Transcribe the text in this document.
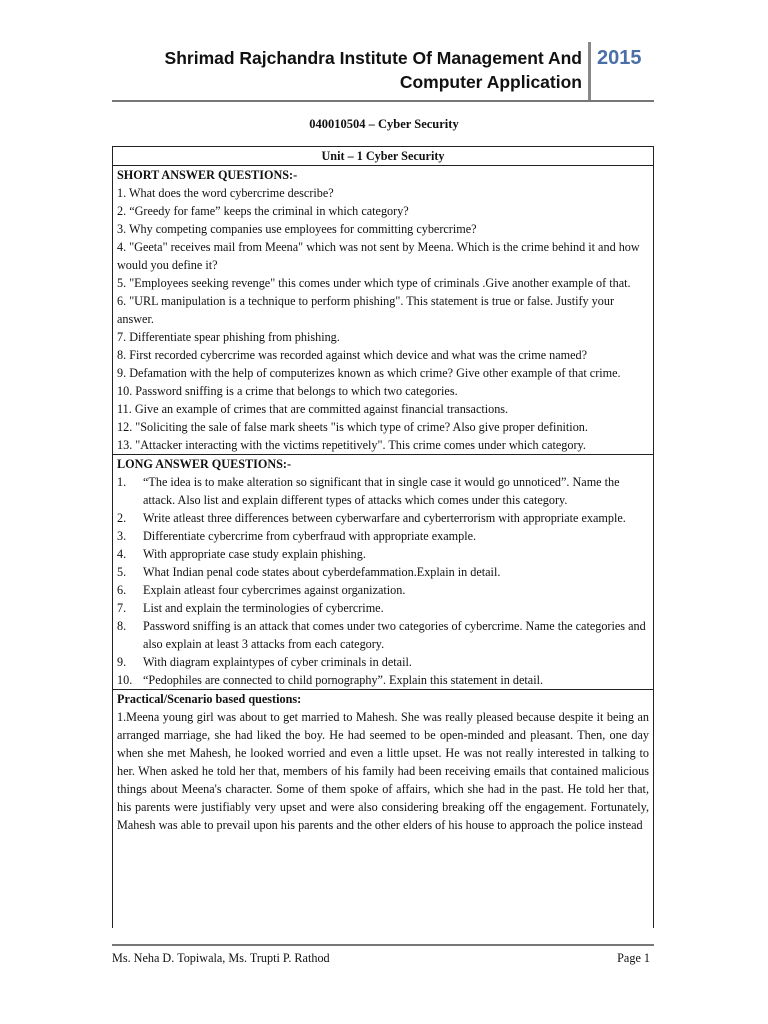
Shrimad Rajchandra Institute Of Management And
Computer Application
2015
040010504 – Cyber Security
Unit – 1 Cyber Security
SHORT ANSWER QUESTIONS:-
1. What does the word cybercrime describe?
2. “Greedy for fame” keeps the criminal in which category?
3. Why competing companies use employees for committing cybercrime?
4. "Geeta" receives mail from Meena" which was not sent by Meena. Which is the crime behind it and how would you define it?
5. "Employees seeking revenge" this comes under which type of criminals .Give another example of that.
6. "URL manipulation is a technique to perform phishing". This statement is true or false. Justify your answer.
7. Differentiate spear phishing from phishing.
8. First recorded cybercrime was recorded against which device and what was the crime named?
9. Defamation with the help of computerizes known as which crime? Give other example of that crime.
10. Password sniffing is a crime that belongs to which two categories.
11. Give an example of crimes that are committed against financial transactions.
12. "Soliciting the sale of false mark sheets "is which type of crime? Also give proper definition.
13. "Attacker interacting with the victims repetitively". This crime comes under which category.
LONG ANSWER QUESTIONS:-
1.	“The idea is to make alteration so significant that in single case it would go unnoticed”. Name the attack. Also list and explain different types of attacks which comes under this category.
2.	Write atleast three differences between cyberwarfare and cyberterrorism with appropriate example.
3.	Differentiate cybercrime from cyberfraud with appropriate example.
4.	With appropriate case study explain phishing.
5.	What Indian penal code states about cyberdefammation.Explain in detail.
6.	Explain atleast four cybercrimes against organization.
7.	List and explain the terminologies of cybercrime.
8.	Password sniffing is an attack that comes under two categories of cybercrime. Name the categories and also explain at least 3 attacks from each category.
9.	With diagram explaintypes of cyber criminals in detail.
10. “Pedophiles are connected to child pornography”. Explain this statement in detail.
Practical/Scenario based questions:
1.Meena young girl was about to get married to Mahesh. She was really pleased because despite it being an arranged marriage, she had liked the boy. He had seemed to be open-minded and pleasant. Then, one day when she met Mahesh, he looked worried and even a little upset. He was not really interested in talking to her. When asked he told her that, members of his family had been receiving emails that contained malicious things about Meena's character. Some of them spoke of affairs, which she had in the past. He told her that, his parents were justifiably very upset and were also considering breaking off the engagement. Fortunately, Mahesh was able to prevail upon his parents and the other elders of his house to approach the police instead
Ms. Neha D. Topiwala, Ms. Trupti P. Rathod	Page 1
